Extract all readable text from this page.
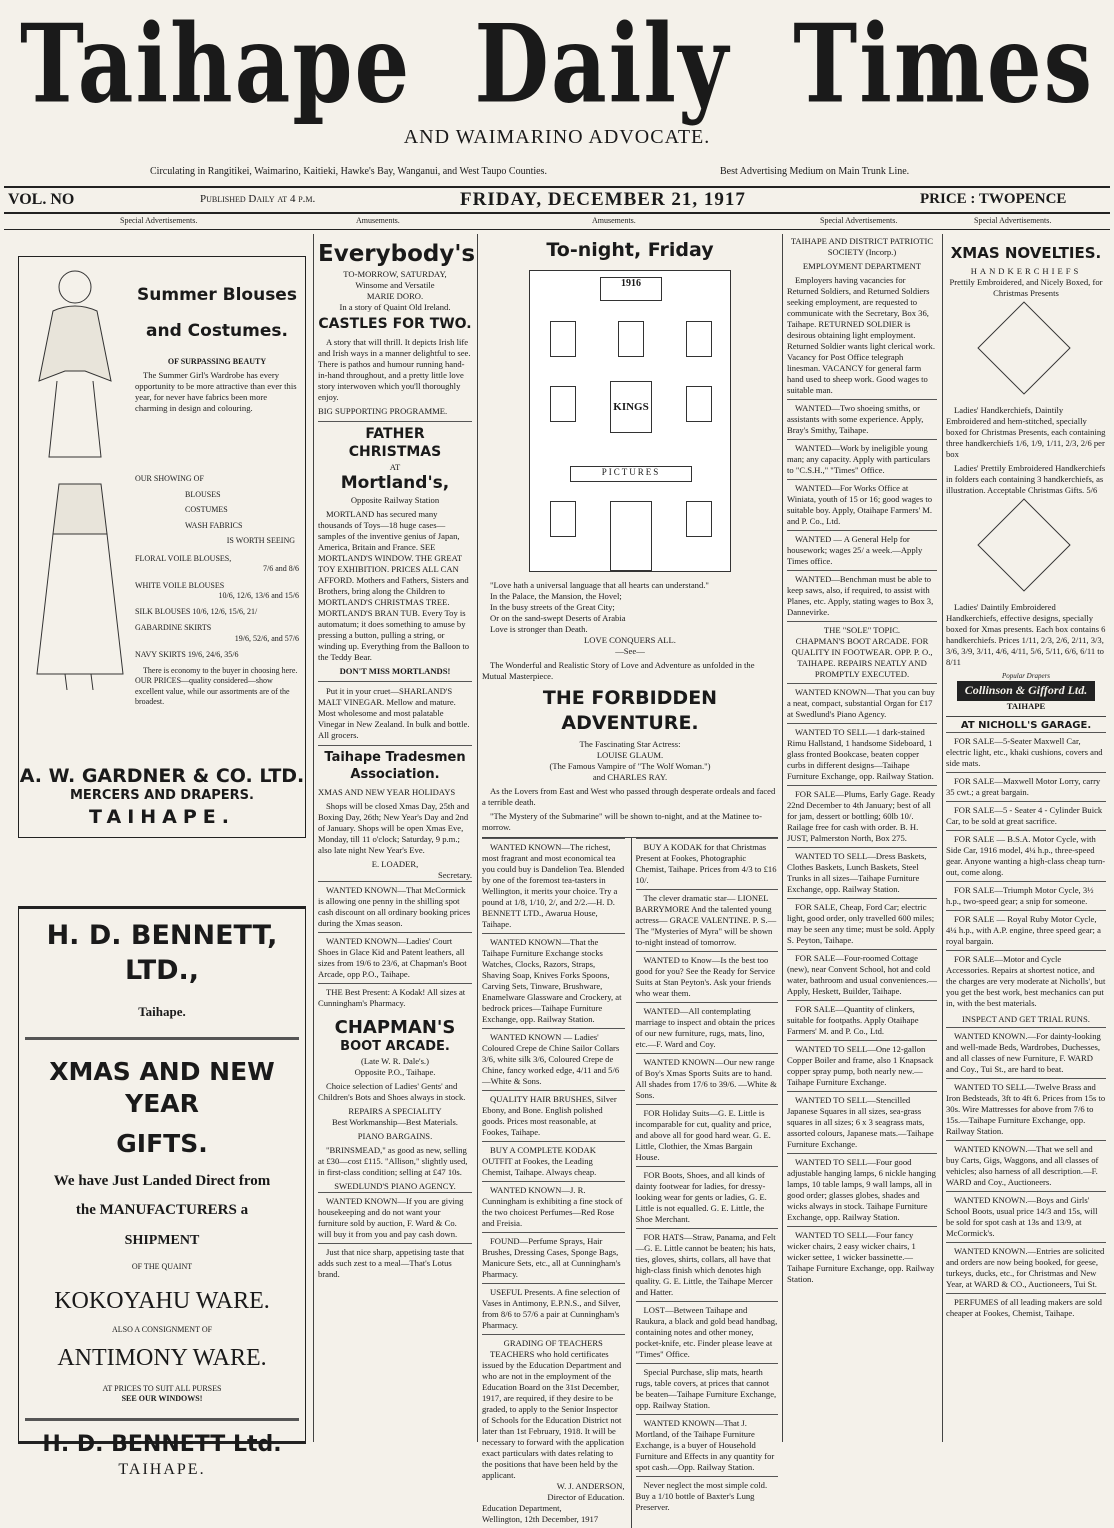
Taihape Daily Times
AND WAIMARINO ADVOCATE.
Circulating in Rangitikei, Waimarino, Kaitieki, Hawke's Bay, Wanganui, and West Taupo Counties.	Best Advertising Medium on Main Trunk Line.
VOL. NO	Published Daily at 4 p.m.	FRIDAY, DECEMBER 21, 1917	PRICE : TWOPENCE
Special Advertisements.	Amusements.	Amusements.	Special Advertisements.	Special Advertisements.
Summer Blouses
and Costumes.
OF SURPASSING BEAUTY

The Summer Girl's Wardrobe has every opportunity to be more attractive than ever this year, for never have fabrics been more charming in design and colouring.

OUR SHOWING OF
BLOUSES
COSTUMES
WASH FABRICS
IS WORTH SEEING
FLORAL VOILE BLOUSES,
7/6 and 8/6
WHITE VOILE BLOUSES
10/6, 12/6, 13/6 and 15/6
SILK BLOUSES 10/6, 12/6, 15/6, 21/
GABARDINE SKIRTS
19/6, 52/6, and 57/6
NAVY SKIRTS 19/6, 24/6, 35/6

There is economy to the buyer in choosing here. OUR PRICES—quality considered—show excellent value, while our assortments are of the broadest.

A. W. GARDNER & CO. LTD.
MERCERS AND DRAPERS.
TAIHAPE.
H. D. BENNETT, LTD.,
Taihape.
XMAS AND NEW YEAR
GIFTS.
We have Just Landed Direct from
the MANUFACTURERS a
SHIPMENT
OF THE QUAINT
KOKOYAHU WARE.
ALSO A CONSIGNMENT OF
ANTIMONY WARE.
AT PRICES TO SUIT ALL PURSES
SEE OUR WINDOWS!
H. D. BENNETT Ltd.
TAIHAPE.
Everybody's
TO-MORROW, SATURDAY,
Winsome and Versatile
MARIE DORO.
In a story of Quaint Old Ireland.
CASTLES FOR TWO.

A story that will thrill. It depicts Irish life and Irish ways in a manner delightful to see. There is pathos and humour running hand-in-hand throughout, and a pretty little love story interwoven which you'll thoroughly enjoy.

BIG SUPPORTING PROGRAMME.
FATHER CHRISTMAS
AT
Mortland's,
Opposite Railway Station

MORTLAND has secured many thousands of Toys—18 huge cases—samples of the inventive genius of Japan, America, Britain and France. SEE MORTLAND'S WINDOW. THE GREAT TOY EXHIBITION. PRICES ALL CAN AFFORD. Mothers and Fathers, Sisters and Brothers, bring along the Children to MORTLAND'S CHRISTMAS TREE. MORTLAND'S BRAN TUB. Every Toy is automatum; it does something to amuse by pressing a button, pulling a string, or winding up. Everything from the Balloon to the Teddy Bear.

DON'T MISS MORTLANDS!

Put it in your cruet—SHARLAND'S MALT VINEGAR. Mellow and mature. Most wholesome and most palatable Vinegar in New Zealand. In bulk and bottle. All grocers.

Taihape Tradesmen
Association.
XMAS AND NEW YEAR HOLIDAYS

Shops will be closed Xmas Day, 25th and Boxing Day, 26th; New Year's Day and 2nd of January. Shops will be open Xmas Eve, Monday, till 11 o'clock; Saturday, 9 p.m.; also late night New Year's Eve.

E. LOADER,
Secretary.

WANTED KNOWN—That McCormick is allowing one penny in the shilling spot cash discount on all ordinary booking prices during the Xmas season.

WANTED KNOWN—Ladies' Court Shoes in Glace Kid and Patent leathers, all sizes from 19/6 to 23/6, at Chapman's Boot Arcade, opp P.O., Taihape.

THE Best Present: A Kodak! All sizes at Cunningham's Pharmacy.

CHAPMAN'S
BOOT ARCADE.
(Late W. R. Dale's.)
Opposite P.O., Taihape.

Choice selection of Ladies' Gents' and Children's Bots and Shoes always in stock.

REPAIRS A SPECIALITY
Best Workmanship—Best Materials.
PIANO BARGAINS.

"BRINSMEAD," as good as new, selling at £30—cost £115. "Allison," slightly used, in first-class condition; selling at £47 10s.

SWEDLUND'S PIANO AGENCY.

WANTED KNOWN—If you are giving housekeeping and do not want your furniture sold by auction, F. Ward & Co. will buy it from you and pay cash down.

Just that nice sharp, appetising taste that adds such zest to a meal—That's Lotus brand.

To-night, Friday
1916
KINGS
PICTURES
"Love hath a universal language that all hearts can understand."
In the Palace, the Mansion, the Hovel;
In the busy streets of the Great City;
Or on the sand-swept Deserts of Arabia
Love is stronger than Death.
LOVE CONQUERS ALL.
—See—

The Wonderful and Realistic Story of Love and Adventure as unfolded in the Mutual Masterpiece.

THE FORBIDDEN ADVENTURE.
The Fascinating Star Actress:
LOUISE GLAUM.
(The Famous Vampire of "The Wolf Woman.")
and CHARLES RAY.

As the Lovers from East and West who passed through desperate ordeals and faced a terrible death.

"The Mystery of the Submarine" will be shown to-night, and at the Matinee to-morrow.

WANTED KNOWN—The richest, most fragrant and most economical tea you could buy is Dandelion Tea. Blended by one of the foremost tea-tasters in Wellington, it merits your choice. Try a pound at 1/8, 1/10, 2/, and 2/2.—H. D. BENNETT LTD., Awarua House, Taihape.

WANTED KNOWN—That the Taihape Furniture Exchange stocks Watches, Clocks, Razors, Straps, Shaving Soap, Knives Forks Spoons, Carving Sets, Tinware, Brushware, Enamelware Glassware and Crockery, at bedrock prices—Taihape Furniture Exchange, opp. Railway Station.

WANTED KNOWN — Ladies' Coloured Crepe de Chine Sailor Collars 3/6, white silk 3/6, Coloured Crepe de Chine, fancy worked edge, 4/11 and 5/6—White & Sons.

QUALITY HAIR BRUSHES, Silver Ebony, and Bone. English polished goods. Prices most reasonable, at Fookes, Taihape.

BUY A COMPLETE KODAK OUTFIT at Fookes, the Leading Chemist, Taihape. Always cheap.

WANTED KNOWN—J. R. Cunningham is exhibiting a fine stock of the two choicest Perfumes—Red Rose and Freisia.

FOUND—Perfume Sprays, Hair Brushes, Dressing Cases, Sponge Bags, Manicure Sets, etc., all at Cunningham's Pharmacy.

USEFUL Presents. A fine selection of Vases in Antimony, E.P.N.S., and Silver, from 8/6 to 57/6 a pair at Cunningham's Pharmacy.

GRADING OF TEACHERS

TEACHERS who hold certificates issued by the Education Department and who are not in the employment of the Education Board on the 31st December, 1917, are required, if they desire to be graded, to apply to the Senior Inspector of Schools for the Education District not later than 1st February, 1918. It will be necessary to forward with the application exact particulars with dates relating to the positions that have been held by the applicant.

W. J. ANDERSON,
Director of Education.
Education Department,
Wellington, 12th December, 1917

BUY A KODAK for that Christmas Present at Fookes, Photographic Chemist, Taihape. Prices from 4/3 to £16 10/.

The clever dramatic star— LIONEL BARRYMORE And the talented young actress— GRACE VALENTINE. P. S.—The "Mysteries of Myra" will be shown to-night instead of tomorrow.

WANTED to Know—Is the best too good for you? See the Ready for Service Suits at Stan Peyton's. Ask your friends who wear them.

WANTED—All contemplating marriage to inspect and obtain the prices of our new furniture, rugs, mats, lino, etc.—F. Ward and Coy.

WANTED KNOWN—Our new range of Boy's Xmas Sports Suits are to hand. All shades from 17/6 to 39/6. —White & Sons.

FOR Holiday Suits—G. E. Little is incomparable for cut, quality and price, and above all for good hard wear. G. E. Little, Clothier, the Xmas Bargain House.

FOR Boots, Shoes, and all kinds of dainty footwear for ladies, for dressy-looking wear for gents or ladies, G. E. Little is not equalled. G. E. Little, the Shoe Merchant.

FOR HATS—Straw, Panama, and Felt—G. E. Little cannot be beaten; his hats, ties, gloves, shirts, collars, all have that high-class finish which denotes high quality. G. E. Little, the Taihape Mercer and Hatter.

LOST—Between Taihape and Raukura, a black and gold bead handbag, containing notes and other money, pocket-knife, etc. Finder please leave at "Times" Office.

Special Purchase, slip mats, hearth rugs, table covers, at prices that cannot be beaten—Taihape Furniture Exchange, opp. Railway Station.

WANTED KNOWN—That J. Mortland, of the Taihape Furniture Exchange, is a buyer of Household Furniture and Effects in any quantity for spot cash.—Opp. Railway Station.

Never neglect the most simple cold. Buy a 1/10 bottle of Baxter's Lung Preserver.

TAIHAPE AND DISTRICT PATRIOTIC SOCIETY (Incorp.)
EMPLOYMENT DEPARTMENT

Employers having vacancies for Returned Soldiers, and Returned Soldiers seeking employment, are requested to communicate with the Secretary, Box 36, Taihape. RETURNED SOLDIER is desirous obtaining light employment. Returned Soldier wants light clerical work. Vacancy for Post Office telegraph linesman. VACANCY for general farm hand used to sheep work. Good wages to suitable man.

WANTED—Two shoeing smiths, or assistants with some experience. Apply, Bray's Smithy, Taihape.

WANTED—Work by ineligible young man; any capacity. Apply with particulars to "C.S.H.," "Times" Office.

WANTED—For Works Office at Winiata, youth of 15 or 16; good wages to suitable boy. Apply, Otaihape Farmers' M. and P. Co., Ltd.

WANTED — A General Help for housework; wages 25/ a week.—Apply Times office.

WANTED—Benchman must be able to keep saws, also, if required, to assist with Planes, etc. Apply, stating wages to Box 3, Dannevirke.

THE "SOLE" TOPIC.
CHAPMAN'S BOOT ARCADE. FOR QUALITY IN FOOTWEAR. OPP. P. O., TAIHAPE. REPAIRS NEATLY AND PROMPTLY EXECUTED.

WANTED KNOWN—That you can buy a neat, compact, substantial Organ for £17 at Swedlund's Piano Agency.

WANTED TO SELL—1 dark-stained Rimu Hallstand, 1 handsome Sideboard, 1 glass fronted Bookcase, beaten copper curbs in different designs—Taihape Furniture Exchange, opp. Railway Station.

FOR SALE—Plums, Early Gage. Ready 22nd December to 4th January; best of all for jam, dessert or bottling; 60lb 10/. Railage free for cash with order. B. H. JUST, Palmerston North, Box 275.

WANTED TO SELL—Dress Baskets, Clothes Baskets, Lunch Baskets, Steel Trunks in all sizes—Taihape Furniture Exchange, opp. Railway Station.

FOR SALE, Cheap, Ford Car; electric light, good order, only travelled 600 miles; may be seen any time; must be sold. Apply S. Peyton, Taihape.

FOR SALE—Four-roomed Cottage (new), near Convent School, hot and cold water, bathroom and usual conveniences.—Apply, Heskett, Builder, Taihape.

FOR SALE—Quantity of clinkers, suitable for footpaths. Apply Otaihape Farmers' M. and P. Co., Ltd.

WANTED TO SELL—One 12-gallon Copper Boiler and frame, also 1 Knapsack copper spray pump, both nearly new.—Taihape Furniture Exchange.

WANTED TO SELL—Stencilled Japanese Squares in all sizes, sea-grass squares in all sizes; 6 x 3 seagrass mats, assorted colours, Japanese mats.—Taihape Furniture Exchange.

WANTED TO SELL—Four good adjustable hanging lamps, 6 nickle hanging lamps, 10 table lamps, 9 wall lamps, all in good order; glasses globes, shades and wicks always in stock. Taihape Furniture Exchange, opp. Railway Station.

WANTED TO SELL—Four fancy wicker chairs, 2 easy wicker chairs, 1 wicker settee, 1 wicker bassinette.—Taihape Furniture Exchange, opp. Railway Station.

XMAS NOVELTIES.
HANDKERCHIEFS
Prettily Embroidered, and Nicely Boxed, for Christmas Presents

Ladies' Handkerchiefs, Daintily Embroidered and hem-stitched, specially boxed for Christmas Presents, each containing three handkerchiefs 1/6, 1/9, 1/11, 2/3, 2/6 per box

Ladies' Prettily Embroidered Handkerchiefs in folders each containing 3 handkerchiefs, as illustration. Acceptable Christmas Gifts. 5/6

Ladies' Daintily Embroidered Handkerchiefs, effective designs, specially boxed for Xmas presents. Each box contains 6 handkerchiefs. Prices 1/11, 2/3, 2/6, 2/11, 3/3, 3/6, 3/9, 3/11, 4/6, 4/11, 5/6, 5/11, 6/6, 6/11 to 8/11

Popular Drapers
Collinson & Gifford Ltd.
TAIHAPE
AT NICHOLL'S GARAGE.

FOR SALE—5-Seater Maxwell Car, electric light, etc., khaki cushions, covers and side mats.

FOR SALE—Maxwell Motor Lorry, carry 35 cwt.; a great bargain.

FOR SALE—5 - Seater 4 - Cylinder Buick Car, to be sold at great sacrifice.

FOR SALE — B.S.A. Motor Cycle, with Side Car, 1916 model, 4¼ h.p., three-speed gear. Anyone wanting a high-class cheap turn-out, come along.

FOR SALE—Triumph Motor Cycle, 3½ h.p., two-speed gear; a snip for someone.

FOR SALE — Royal Ruby Motor Cycle, 4¼ h.p., with A.P. engine, three speed gear; a royal bargain.

FOR SALE—Motor and Cycle Accessories. Repairs at shortest notice, and the charges are very moderate at Nicholls', but you get the best work, best mechanics can put in, with the best materials.

INSPECT AND GET TRIAL RUNS.

WANTED KNOWN.—For dainty-looking and well-made Beds, Wardrobes, Duchesses, and all classes of new Furniture, F. WARD and Coy., Tui St., are hard to beat.

WANTED TO SELL—Twelve Brass and Iron Bedsteads, 3ft to 4ft 6. Prices from 15s to 30s. Wire Mattresses for above from 7/6 to 15s.—Taihape Furniture Exchange, opp. Railway Station.

WANTED KNOWN.—That we sell and buy Carts, Gigs, Waggons, and all classes of vehicles; also harness of all description.—F. WARD and Coy., Auctioneers.

WANTED KNOWN.—Boys and Girls' School Boots, usual price 14/3 and 15s, will be sold for spot cash at 13s and 13/9, at McCormick's.

WANTED KNOWN.—Entries are solicited and orders are now being booked, for geese, turkeys, ducks, etc., for Christmas and New Year, at WARD & CO., Auctioneers, Tui St.

PERFUMES of all leading makers are sold cheaper at Fookes, Chemist, Taihape.
